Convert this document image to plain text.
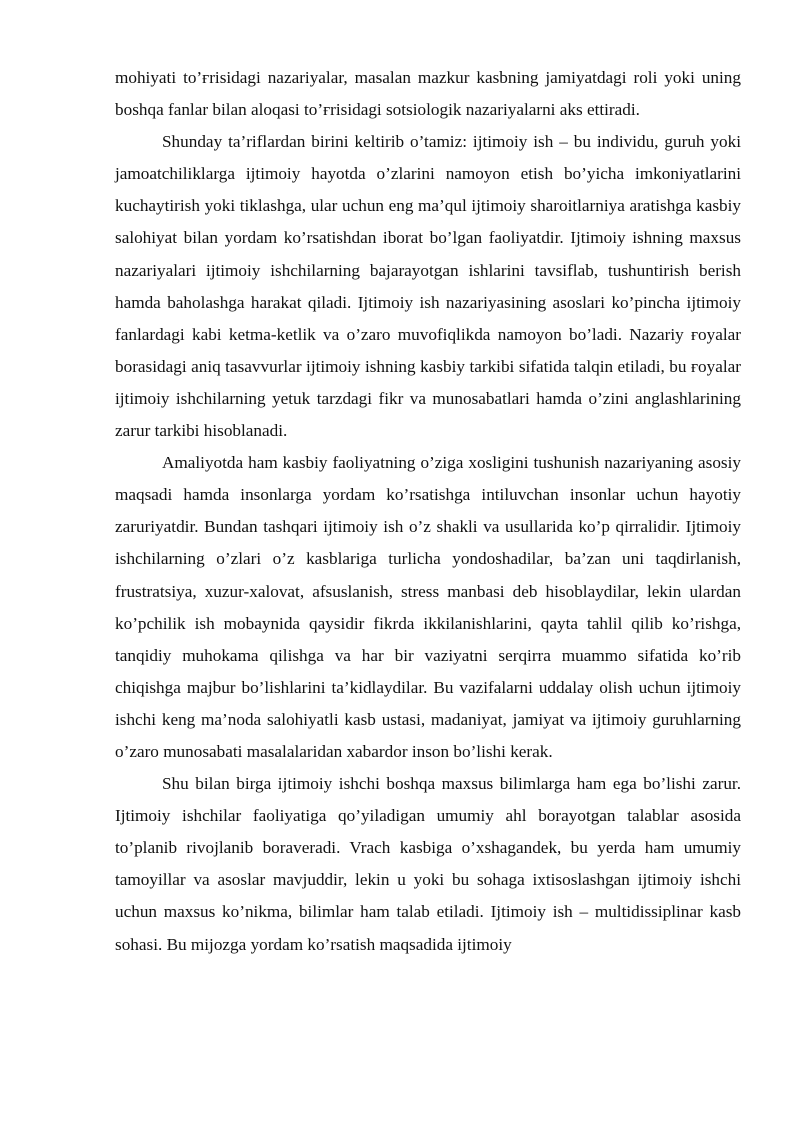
mohiyati to’ғrisidagi nazariyalar, masalan mazkur kasbning jamiyatdagi roli yoki uning boshqa fanlar bilan aloqasi to’ғrisidagi sotsiologik nazariyalarni aks ettiradi.

Shunday ta’riflardan birini keltirib o’tamiz: ijtimoiy ish – bu individu, guruh yoki jamoatchiliklarga ijtimoiy hayotda o’zlarini namoyon etish bo’yicha imkoniyatlarini kuchaytirish yoki tiklashga, ular uchun eng ma’qul ijtimoiy sharoitlarniya aratishga kasbiy salohiyat bilan yordam ko’rsatishdan iborat bo’lgan faoliyatdir. Ijtimoiy ishning maxsus nazariyalari ijtimoiy ishchilarning bajarayotgan ishlarini tavsiflab, tushuntirish berish hamda baholashga harakat qiladi. Ijtimoiy ish nazariyasining asoslari ko’pincha ijtimoiy fanlardagi kabi ketma-ketlik va o’zaro muvofiqlikda namoyon bo’ladi. Nazariy ғoyalar borasidagi aniq tasavvurlar ijtimoiy ishning kasbiy tarkibi sifatida talqin etiladi, bu ғoyalar ijtimoiy ishchilarning yetuk tarzdagi fikr va munosabatlari hamda o’zini anglashlarining zarur tarkibi hisoblanadi.

Amaliyotda ham kasbiy faoliyatning o’ziga xosligini tushunish nazariyaning asosiy maqsadi hamda insonlarga yordam ko’rsatishga intiluvchan insonlar uchun hayotiy zaruriyatdir. Bundan tashqari ijtimoiy ish o’z shakli va usullarida ko’p qirralidir. Ijtimoiy ishchilarning o’zlari o’z kasblariga turlicha yondoshadilar, ba’zan uni taqdirlanish, frustratsiya, xuzur-xalovat, afsuslanish, stress manbasi deb hisoblaydilar, lekin ulardan ko’pchilik ish mobaynida qaysidir fikrda ikkilanishlarini, qayta tahlil qilib ko’rishga, tanqidiy muhokama qilishga va har bir vaziyatni serqirra muammo sifatida ko’rib chiqishga majbur bo’lishlarini ta’kidlaydilar. Bu vazifalarni uddalay olish uchun ijtimoiy ishchi keng ma’noda salohiyatli kasb ustasi, madaniyat, jamiyat va ijtimoiy guruhlarning o’zaro munosabati masalalaridan xabardor inson bo’lishi kerak.

Shu bilan birga ijtimoiy ishchi boshqa maxsus bilimlarga ham ega bo’lishi zarur. Ijtimoiy ishchilar faoliyatiga qo’yiladigan umumiy ahl borayotgan talablar asosida to’planib rivojlanib boraveradi. Vrach kasbiga o’xshagandek, bu yerda ham umumiy tamoyillar va asoslar mavjuddir, lekin u yoki bu sohaga ixtisoslashgan ijtimoiy ishchi uchun maxsus ko’nikma, bilimlar ham talab etiladi. Ijtimoiy ish – multidissiplinar kasb sohasi. Bu mijozga yordam ko’rsatish maqsadida ijtimoiy
